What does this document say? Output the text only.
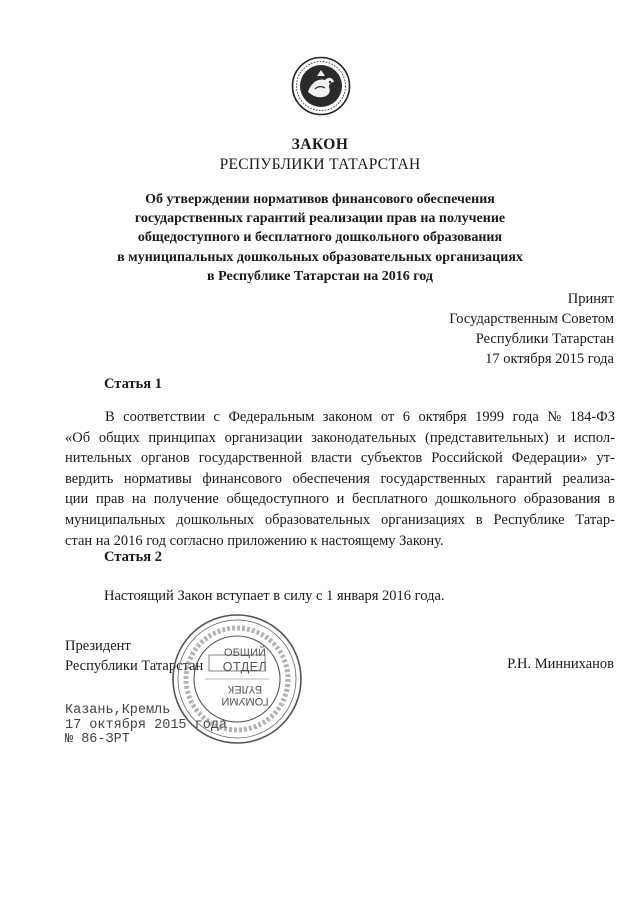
ЗАКОН
РЕСПУБЛИКИ ТАТАРСТАН
Об утверждении нормативов финансового обеспечения
государственных гарантий реализации прав на получение
общедоступного и бесплатного дошкольного образования
в муниципальных дошкольных образовательных организациях
в Республике Татарстан на 2016 год
Принят
Государственным Советом
Республики Татарстан
17 октября 2015 года
Статья 1
В соответствии с Федеральным законом от 6 октября 1999 года № 184-ФЗ
«Об общих принципах организации законодательных (представительных) и испол-
нительных органов государственной власти субъектов Российской Федерации» ут-
вердить нормативы финансового обеспечения государственных гарантий реализа-
ции прав на получение общедоступного и бесплатного дошкольного образования в
муниципальных дошкольных образовательных организациях в Республике Татар-
стан на 2016 год согласно приложению к настоящему Закону.
Статья 2
Настоящий Закон вступает в силу с 1 января 2016 года.
Президент
Республики Татарстан	Р.Н. Минниханов
Казань,Кремль
17 октября 2015 года
№ 86-ЗРТ
ОБЩИЙ
ОТДЕЛ
БҮЛЕК
ГОМУМИ
